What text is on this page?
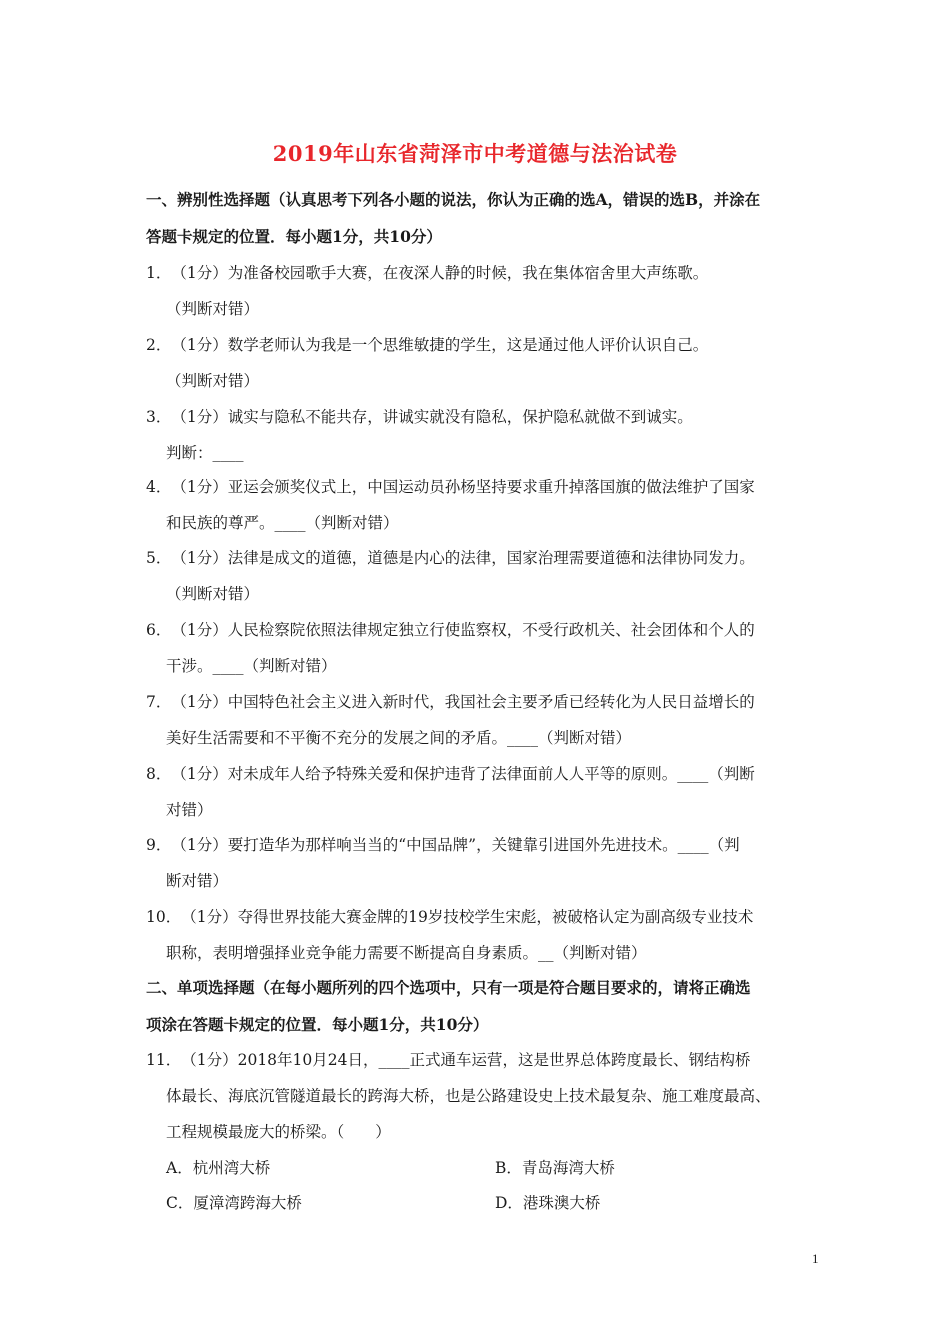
2019年山东省菏泽市中考道德与法治试卷
一、辨别性选择题（认真思考下列各小题的说法，你认为正确的选A，错误的选B，并涂在
答题卡规定的位置．每小题1分，共10分）
1．（1分）为准备校园歌手大赛，在夜深人静的时候，我在集体宿舍里大声练歌。
（判断对错）
2．（1分）数学老师认为我是一个思维敏捷的学生，这是通过他人评价认识自己。
（判断对错）
3．（1分）诚实与隐私不能共存，讲诚实就没有隐私，保护隐私就做不到诚实。
判断：____
4．（1分）亚运会颁奖仪式上，中国运动员孙杨坚持要求重升掉落国旗的做法维护了国家
和民族的尊严。____（判断对错）
5．（1分）法律是成文的道德，道德是内心的法律，国家治理需要道德和法律协同发力。
（判断对错）
6．（1分）人民检察院依照法律规定独立行使监察权，不受行政机关、社会团体和个人的
干涉。____（判断对错）
7．（1分）中国特色社会主义进入新时代，我国社会主要矛盾已经转化为人民日益增长的
美好生活需要和不平衡不充分的发展之间的矛盾。____（判断对错）
8．（1分）对未成年人给予特殊关爱和保护违背了法律面前人人平等的原则。____（判断
对错）
9．（1分）要打造华为那样响当当的“中国品牌”，关键靠引进国外先进技术。____（判
断对错）
10．（1分）夺得世界技能大赛金牌的19岁技校学生宋彪，被破格认定为副高级专业技术
职称，表明增强择业竞争能力需要不断提高自身素质。__（判断对错）
二、单项选择题（在每小题所列的四个选项中，只有一项是符合题目要求的，请将正确选
项涂在答题卡规定的位置．每小题1分，共10分）
11．（1分）2018年10月24日，____正式通车运营，这是世界总体跨度最长、钢结构桥
体最长、海底沉管隧道最长的跨海大桥，也是公路建设史上技术最复杂、施工难度最高、
工程规模最庞大的桥梁。（　　）
A．杭州湾大桥	B．青岛海湾大桥
C．厦漳湾跨海大桥	D．港珠澳大桥
1
